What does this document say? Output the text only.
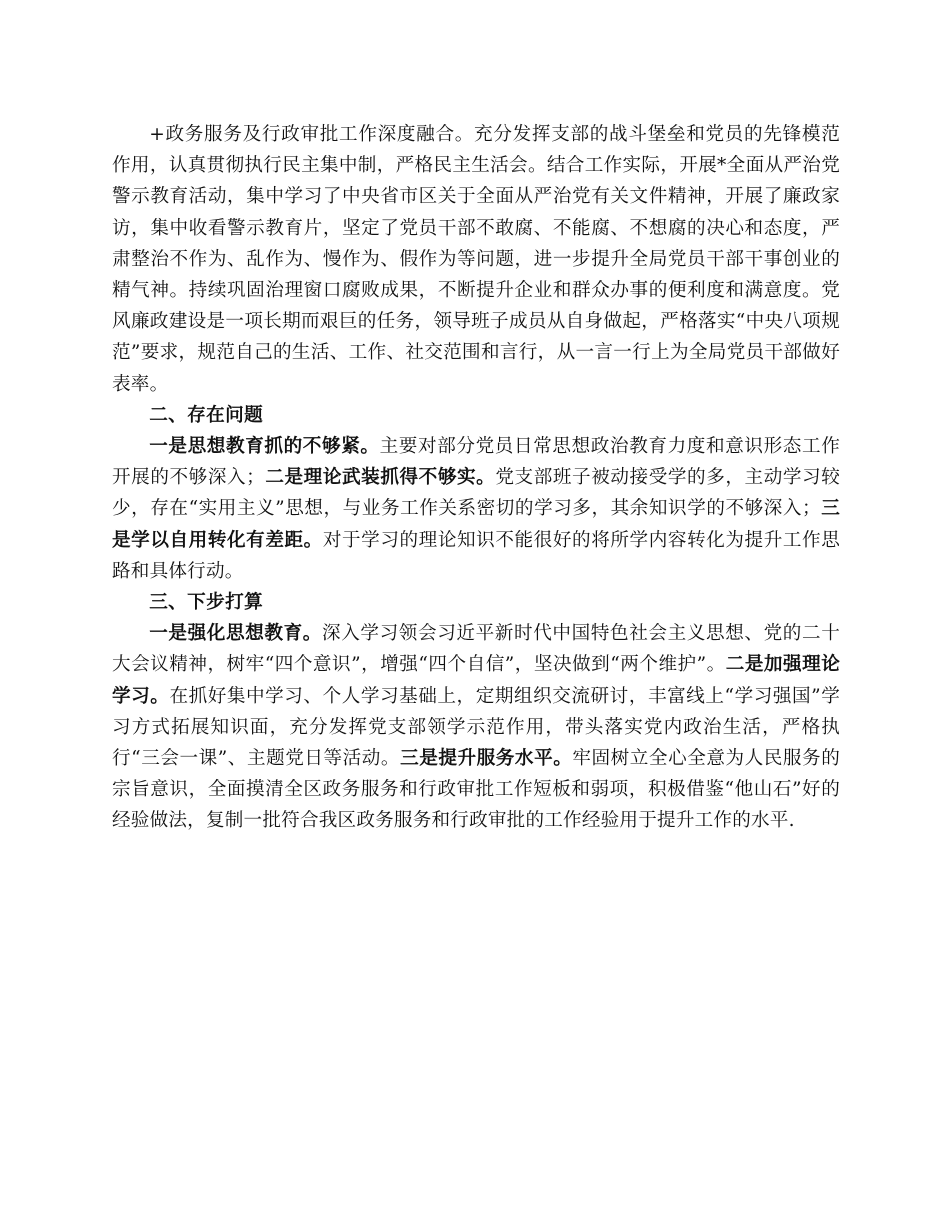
+政务服务及行政审批工作深度融合。充分发挥支部的战斗堡垒和党员的先锋模范作用，认真贯彻执行民主集中制，严格民主生活会。结合工作实际，开展*全面从严治党警示教育活动，集中学习了中央省市区关于全面从严治党有关文件精神，开展了廉政家访，集中收看警示教育片，坚定了党员干部不敢腐、不能腐、不想腐的决心和态度，严肃整治不作为、乱作为、慢作为、假作为等问题，进一步提升全局党员干部干事创业的精气神。持续巩固治理窗口腐败成果，不断提升企业和群众办事的便利度和满意度。党风廉政建设是一项长期而艰巨的任务，领导班子成员从自身做起，严格落实“中央八项规范”要求，规范自己的生活、工作、社交范围和言行，从一言一行上为全局党员干部做好表率。

二、存在问题

一是思想教育抓的不够紧。主要对部分党员日常思想政治教育力度和意识形态工作开展的不够深入；二是理论武装抓得不够实。党支部班子被动接受学的多，主动学习较少，存在“实用主义”思想，与业务工作关系密切的学习多，其余知识学的不够深入；三是学以自用转化有差距。对于学习的理论知识不能很好的将所学内容转化为提升工作思路和具体行动。

三、下步打算

一是强化思想教育。深入学习领会习近平新时代中国特色社会主义思想、党的二十大会议精神，树牢“四个意识”，增强“四个自信”，坚决做到“两个维护”。二是加强理论学习。在抓好集中学习、个人学习基础上，定期组织交流研讨，丰富线上“学习强国”学习方式拓展知识面，充分发挥党支部领学示范作用，带头落实党内政治生活，严格执行“三会一课”、主题党日等活动。三是提升服务水平。牢固树立全心全意为人民服务的宗旨意识，全面摸清全区政务服务和行政审批工作短板和弱项，积极借鉴“他山石”好的经验做法，复制一批符合我区政务服务和行政审批的工作经验用于提升工作的水平.
